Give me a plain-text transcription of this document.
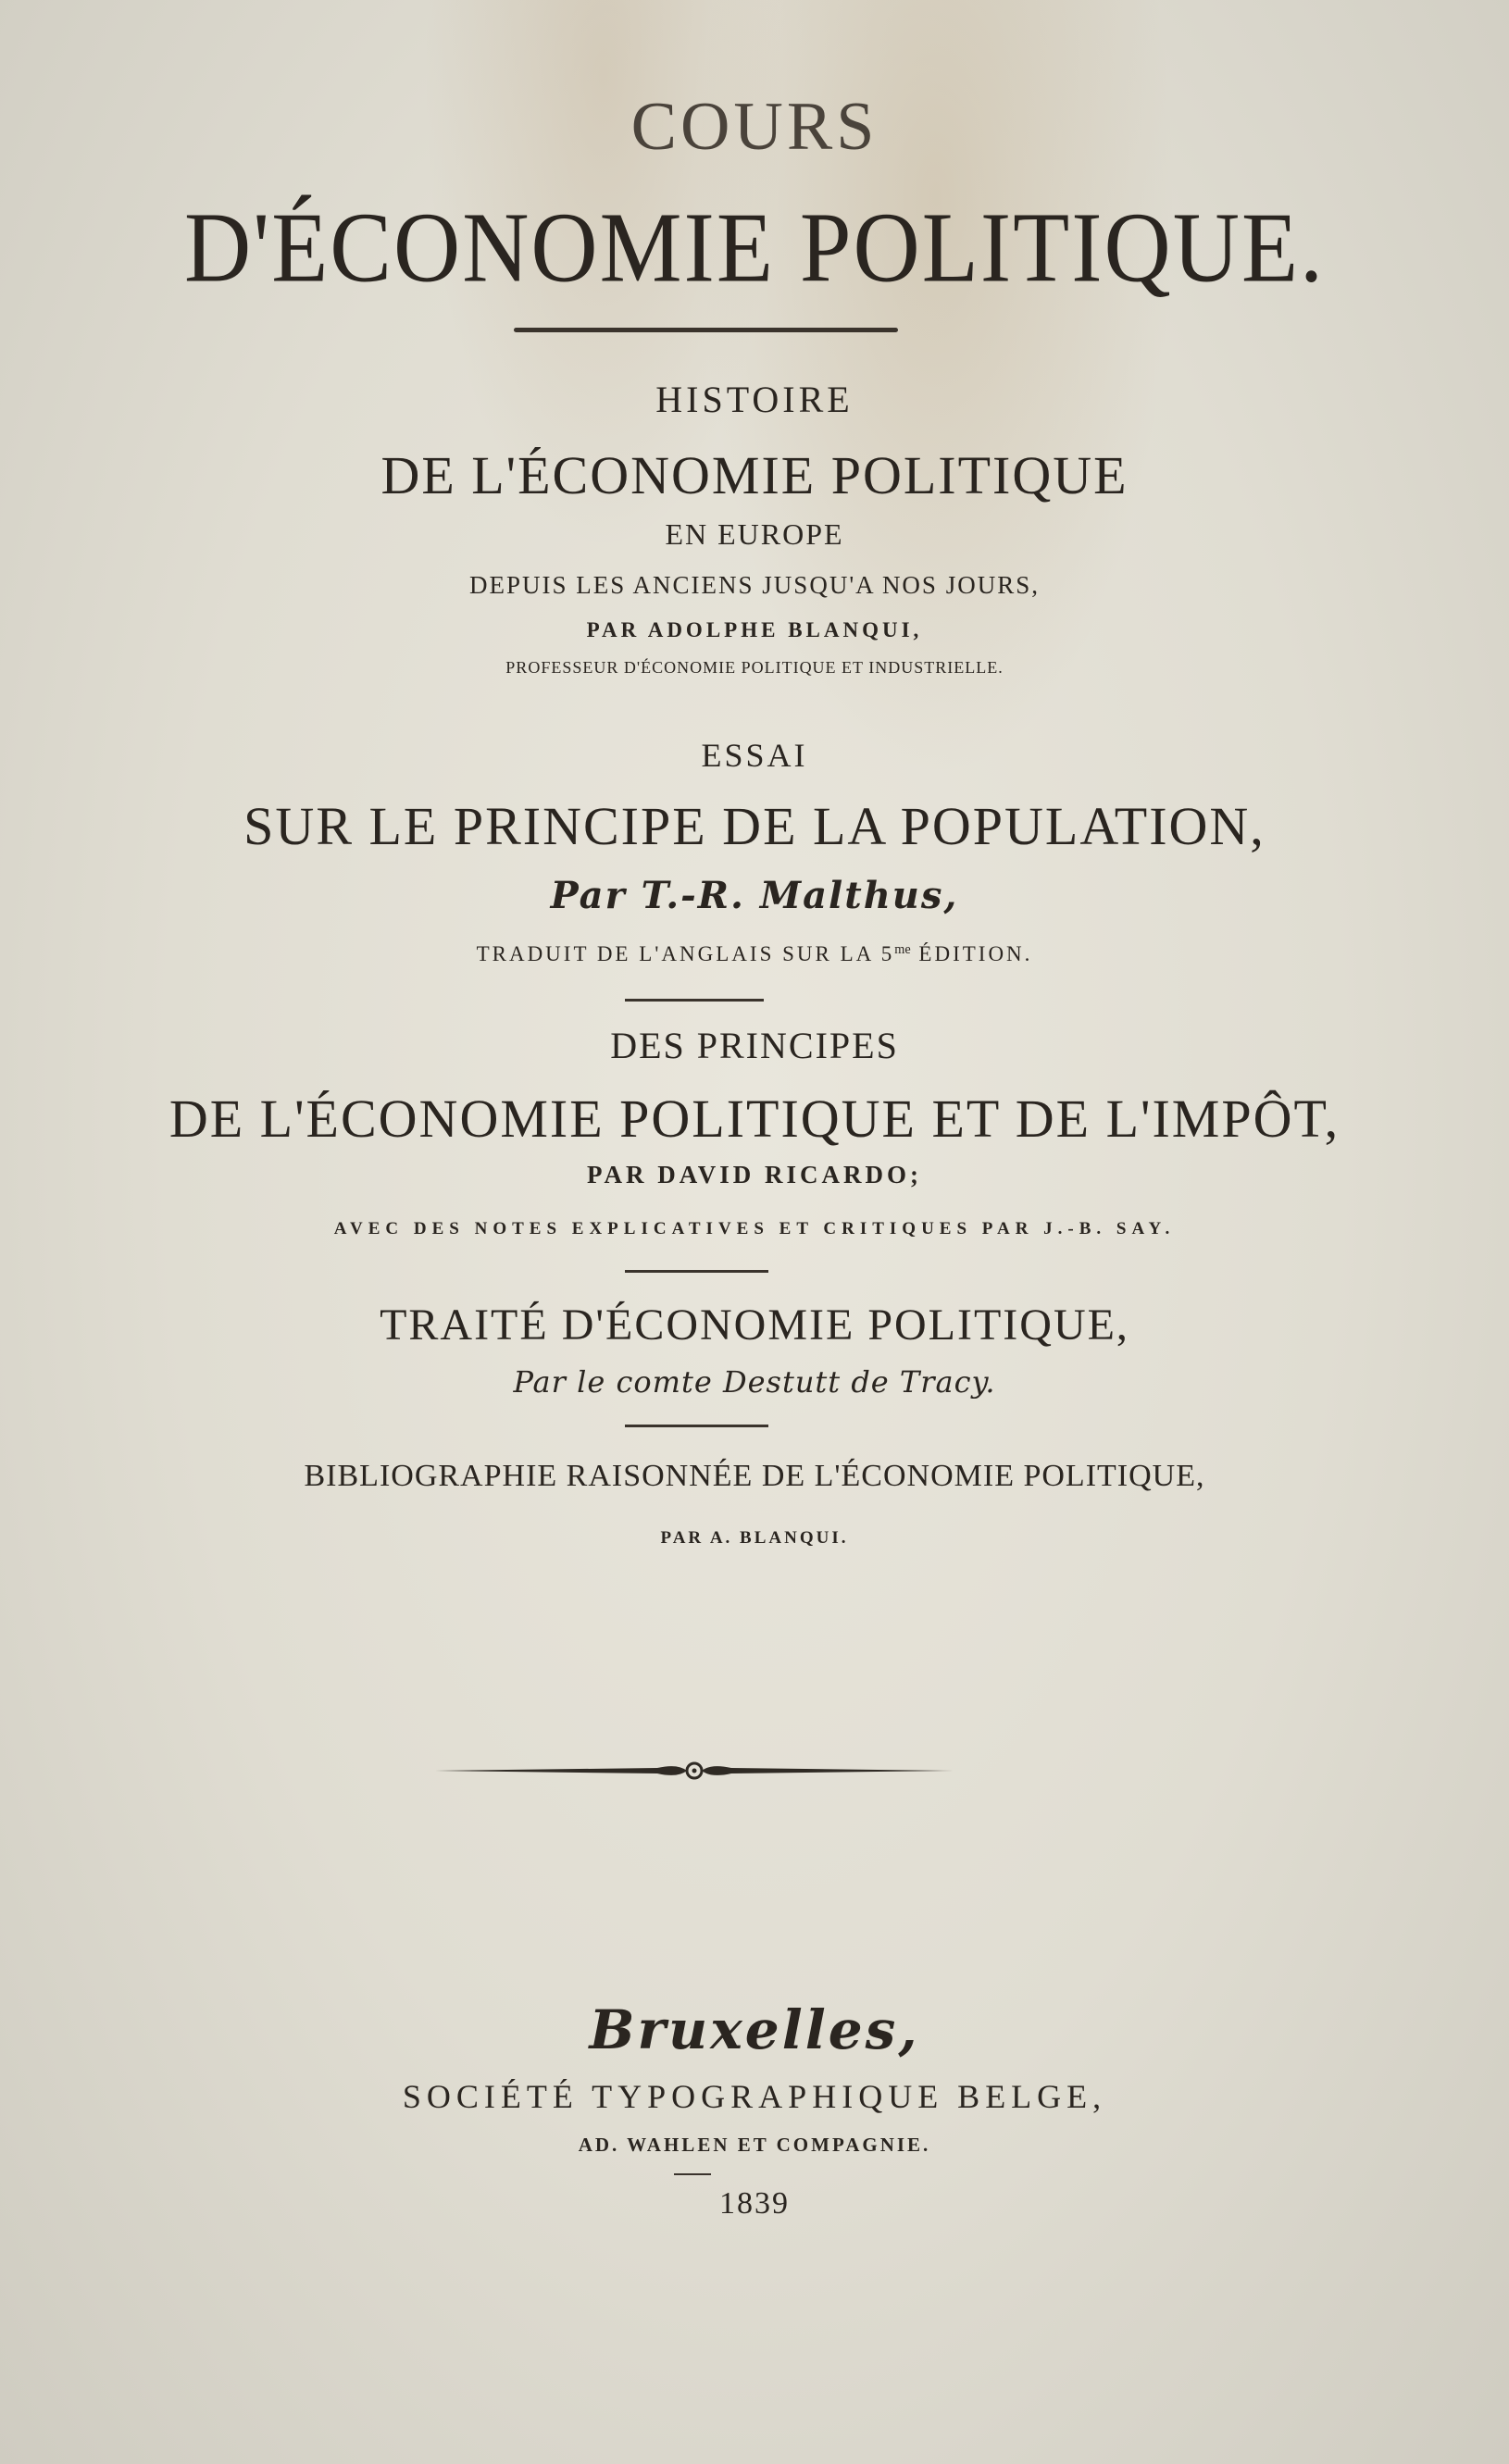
COURS
D'ÉCONOMIE POLITIQUE.
HISTOIRE
DE L'ÉCONOMIE POLITIQUE
EN EUROPE
DEPUIS LES ANCIENS JUSQU'A NOS JOURS,
PAR ADOLPHE BLANQUI,
PROFESSEUR D'ÉCONOMIE POLITIQUE ET INDUSTRIELLE.
ESSAI
SUR LE PRINCIPE DE LA POPULATION,
Par T.-R. Malthus,
TRADUIT DE L'ANGLAIS SUR LA $5^{me}$ ÉDITION.
DES PRINCIPES
DE L'ÉCONOMIE POLITIQUE ET DE L'IMPÔT,
PAR DAVID RICARDO;
AVEC DES NOTES EXPLICATIVES ET CRITIQUES PAR J.-B. SAY.
TRAITÉ D'ÉCONOMIE POLITIQUE,
Par le comte Destutt de Tracy.
BIBLIOGRAPHIE RAISONNÉE DE L'ÉCONOMIE POLITIQUE,
PAR A. BLANQUI.
Bruxelles,
SOCIÉTÉ TYPOGRAPHIQUE BELGE,
AD. WAHLEN ET COMPAGNIE.
1839
